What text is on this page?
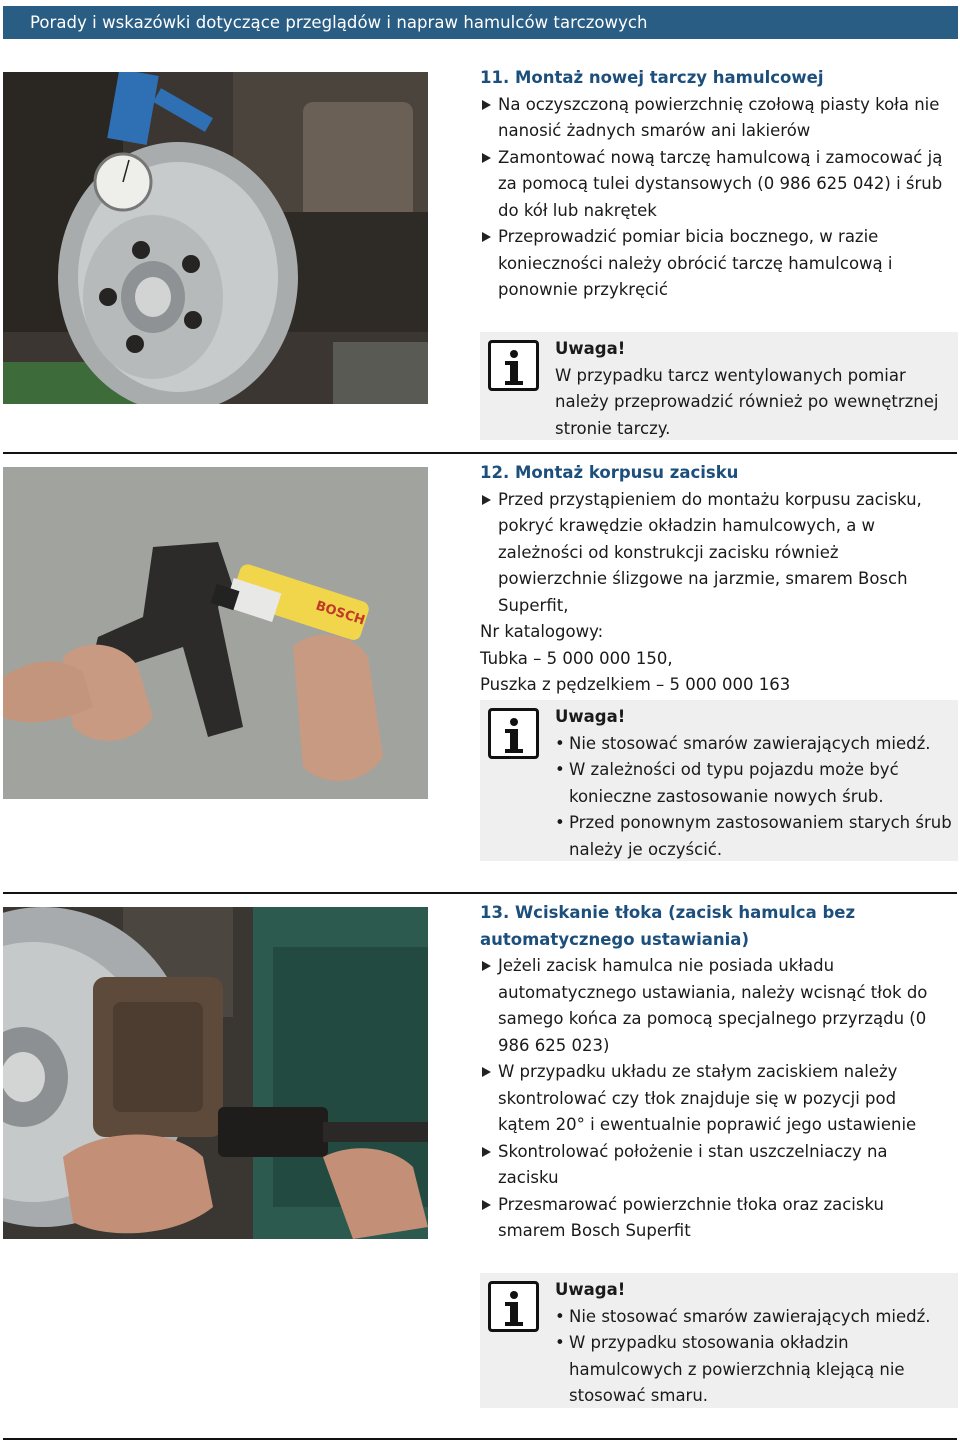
Porady i wskazówki dotyczące przeglądów i napraw hamulców tarczowych
11. Montaż nowej tarczy hamulcowej
Na oczyszczoną powierzchnię czołową piasty koła nie nanosić żadnych smarów ani lakierów
Zamontować nową tarczę hamulcową i zamocować ją za pomocą tulei dystansowych (0 986 625 042) i śrub do kół lub nakrętek
Przeprowadzić pomiar bicia bocznego, w razie konieczności należy obrócić tarczę hamulcową i ponownie przykręcić
Uwaga!
W przypadku tarcz wentylowanych pomiar należy przeprowadzić również po wewnętrznej stronie tarczy.
BOSCH
12. Montaż korpusu zacisku
Przed przystąpieniem do montażu korpusu zacisku, pokryć krawędzie okładzin hamulcowych, a w zależności od konstrukcji zacisku również powierzchnie ślizgowe na jarzmie, smarem Bosch Superfit,

Nr katalogowy:

Tubka – 5 000 000 150,

Puszka z pędzelkiem – 5 000 000 163

Uwaga!
• Nie stosować smarów zawierających miedź.
• W zależności od typu pojazdu może być konieczne zastosowanie nowych śrub.
• Przed ponownym zastosowaniem starych śrub należy je oczyścić.
13. Wciskanie tłoka (zacisk hamulca bez automatycznego ustawiania)
Jeżeli zacisk hamulca nie posiada układu automatycznego ustawiania, należy wcisnąć tłok do samego końca za pomocą specjalnego przyrządu (0 986 625 023)
W przypadku układu ze stałym zaciskiem należy skontrolować czy tłok znajduje się w pozycji pod kątem 20° i ewentualnie poprawić jego ustawienie
Skontrolować położenie i stan uszczelniaczy na zacisku
Przesmarować powierzchnie tłoka oraz zacisku smarem Bosch Superfit
Uwaga!
• Nie stosować smarów zawierających miedź.
• W przypadku stosowania okładzin hamulcowych z powierzchnią klejącą nie stosować smaru.
